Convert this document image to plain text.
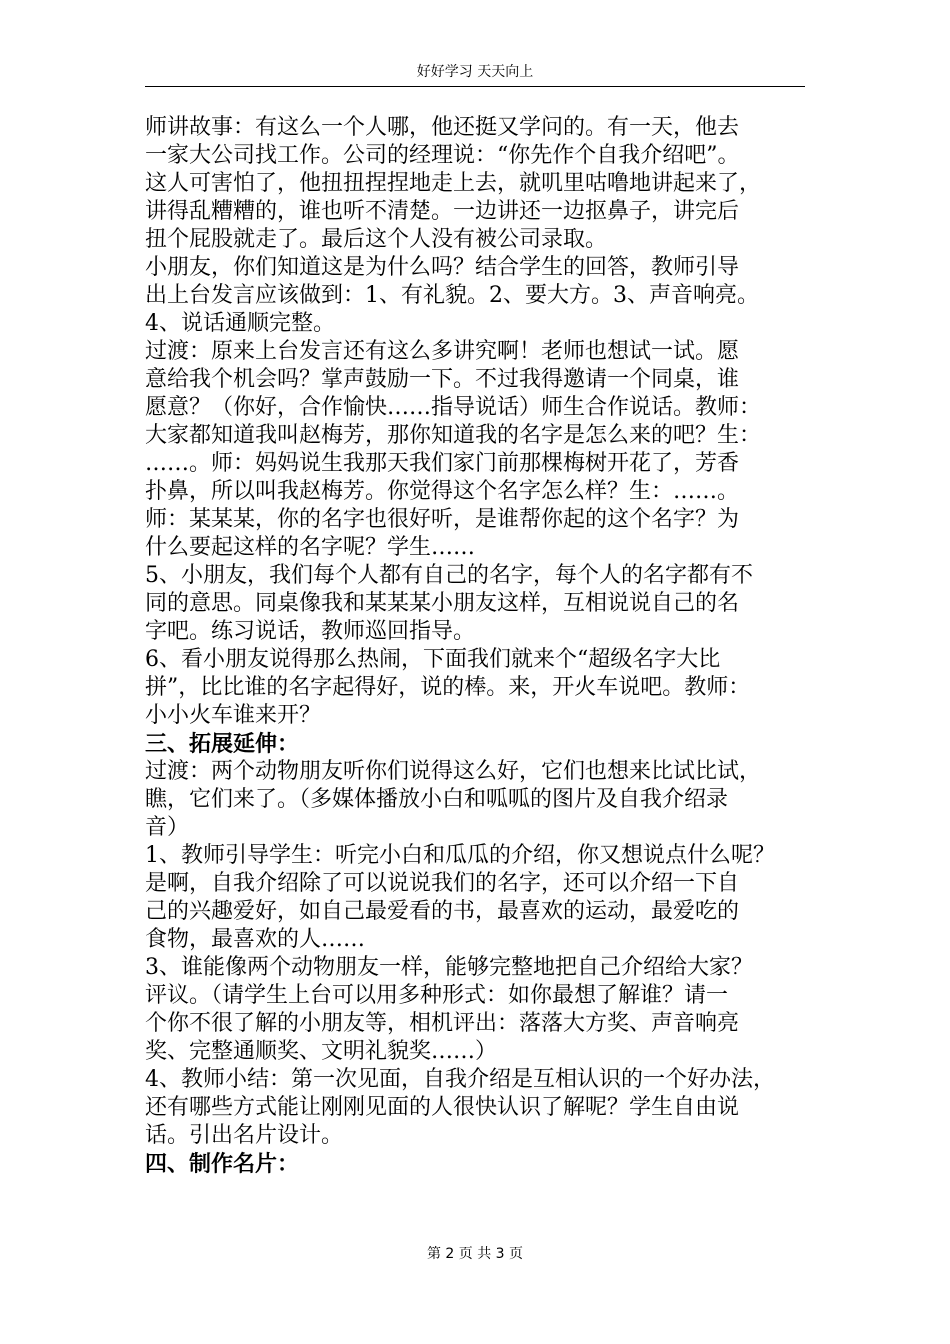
好好学习 天天向上

师讲故事：有这么一个人哪，他还挺又学问的。有一天，他去
一家大公司找工作。公司的经理说：“你先作个自我介绍吧”。
这人可害怕了，他扭扭捏捏地走上去，就叽里咕噜地讲起来了，
讲得乱糟糟的，谁也听不清楚。一边讲还一边抠鼻子，讲完后
扭个屁股就走了。最后这个人没有被公司录取。

小朋友，你们知道这是为什么吗？结合学生的回答，教师引导
出上台发言应该做到：1、有礼貌。2、要大方。3、声音响亮。
4、说话通顺完整。

过渡：原来上台发言还有这么多讲究啊！老师也想试一试。愿
意给我个机会吗？掌声鼓励一下。不过我得邀请一个同桌，谁
愿意？（你好，合作愉快……指导说话）师生合作说话。教师：
大家都知道我叫赵梅芳，那你知道我的名字是怎么来的吧？生：
……。师：妈妈说生我那天我们家门前那棵梅树开花了，芳香
扑鼻，所以叫我赵梅芳。你觉得这个名字怎么样？生：……。
师：某某某，你的名字也很好听，是谁帮你起的这个名字？为
什么要起这样的名字呢？学生……

5、小朋友，我们每个人都有自己的名字，每个人的名字都有不
同的意思。同桌像我和某某某小朋友这样，互相说说自己的名
字吧。练习说话，教师巡回指导。

6、看小朋友说得那么热闹，下面我们就来个“超级名字大比
拼”，比比谁的名字起得好，说的棒。来，开火车说吧。教师：
小小火车谁来开？

三、拓展延伸：

过渡：两个动物朋友听你们说得这么好，它们也想来比试比试，
瞧，它们来了。（多媒体播放小白和呱呱的图片及自我介绍录
音）

1、教师引导学生：听完小白和瓜瓜的介绍，你又想说点什么呢？
是啊，自我介绍除了可以说说我们的名字，还可以介绍一下自
己的兴趣爱好，如自己最爱看的书，最喜欢的运动，最爱吃的
食物，最喜欢的人……

3、谁能像两个动物朋友一样，能够完整地把自己介绍给大家？
评议。（请学生上台可以用多种形式：如你最想了解谁？请一
个你不很了解的小朋友等，相机评出：落落大方奖、声音响亮
奖、完整通顺奖、文明礼貌奖……）

4、教师小结：第一次见面，自我介绍是互相认识的一个好办法，
还有哪些方式能让刚刚见面的人很快认识了解呢？学生自由说
话。引出名片设计。

四、制作名片：
第 2 页 共 3 页
